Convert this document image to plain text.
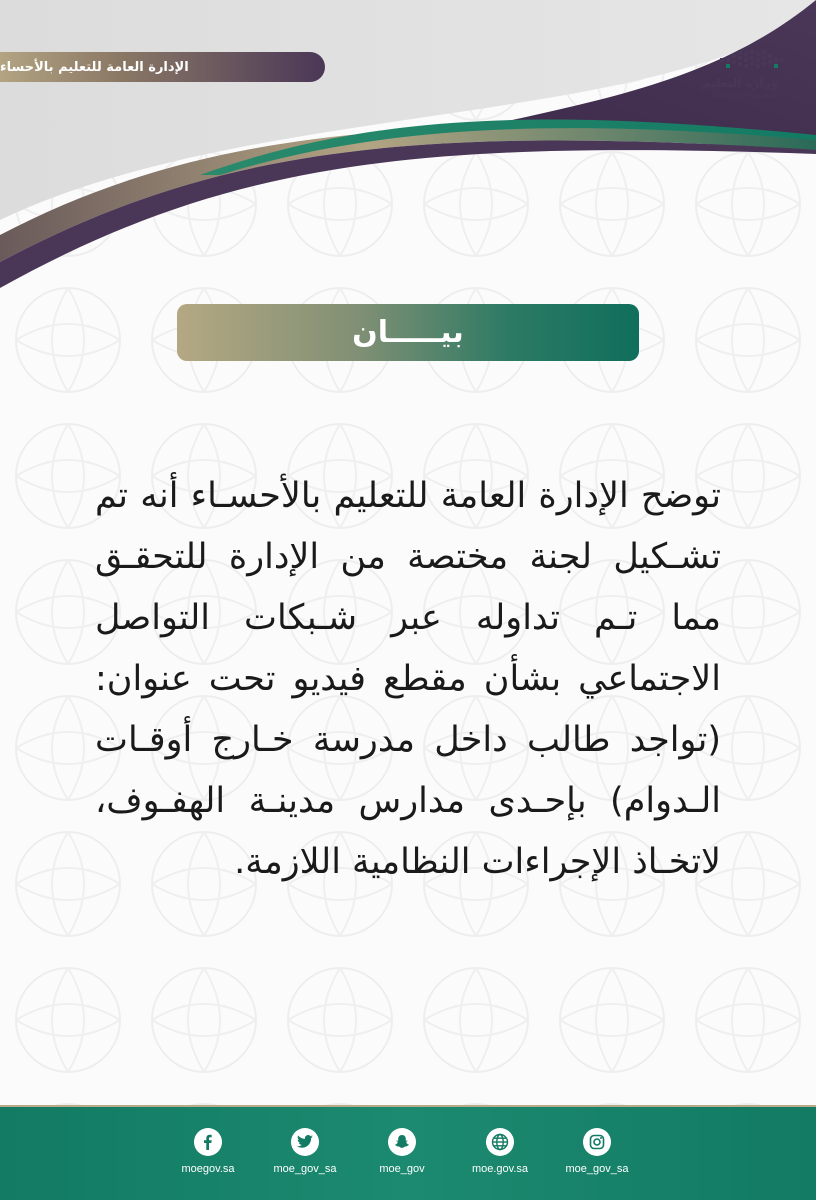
الإدارة العامة للتعليم بالأحساء
وزارة التعليم
Ministry of Education
بيـــــان
توضح الإدارة العامة للتعليم بالأحسـاء أنه تم تشـكيل لجنة مختصة من الإدارة للتحقـق مما تـم تداوله عبر شـبكات التواصل الاجتماعي بشأن مقطع فيديو تحت عنوان: (تواجد طالب داخل مدرسة خـارج أوقـات الـدوام) بإحـدى مدارس مدينـة الهفـوف، لاتخـاذ الإجراءات النظامية اللازمة.
moegov.sa	moe_gov_sa	moe_gov	moe.gov.sa	moe_gov_sa
